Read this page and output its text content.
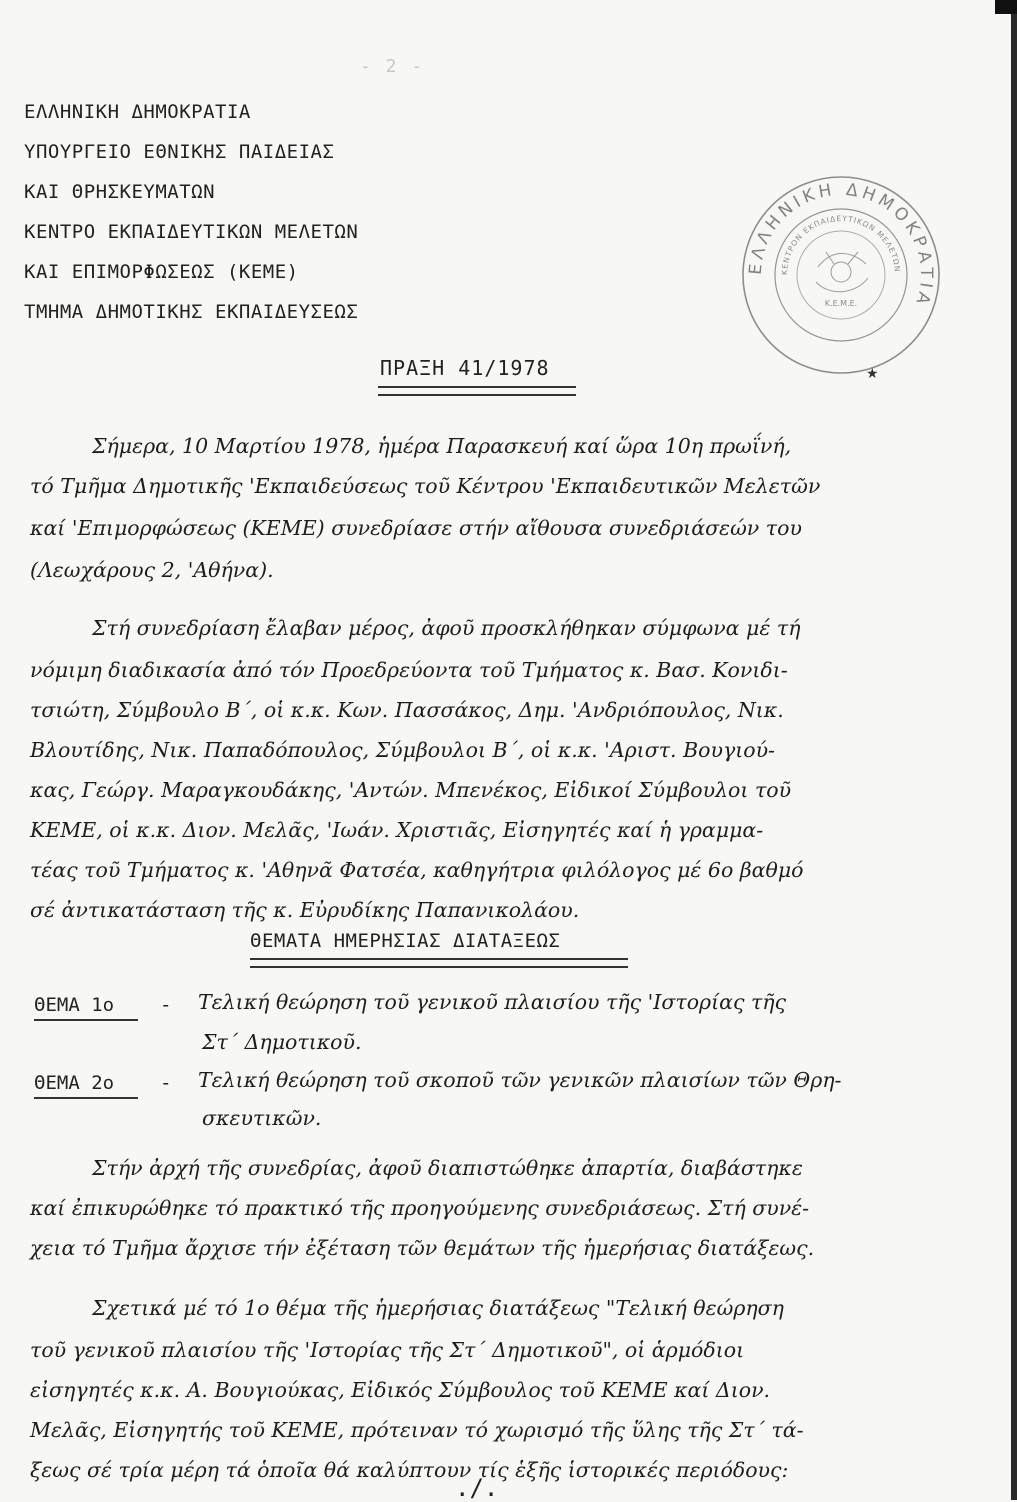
- 2 -
ΕΛΛΗΝΙΚΗ ΔΗΜΟΚΡΑΤΙΑ
ΥΠΟΥΡΓΕΙΟ ΕΘΝΙΚΗΣ ΠΑΙΔΕΙΑΣ
ΚΑΙ ΘΡΗΣΚΕΥΜΑΤΩΝ
ΚΕΝΤΡΟ ΕΚΠΑΙΔΕΥΤΙΚΩΝ ΜΕΛΕΤΩΝ
ΚΑΙ ΕΠΙΜΟΡΦΩΣΕΩΣ (ΚΕΜΕ)
ΤΜΗΜΑ ΔΗΜΟΤΙΚΗΣ ΕΚΠΑΙΔΕΥΣΕΩΣ
ΕΛΛΗΝΙΚΗ ΔΗΜΟΚΡΑΤΙΑ
ΚΕΝΤΡΟΝ ΕΚΠΑΙΔΕΥΤΙΚΩΝ ΜΕΛΕΤΩΝ
Κ.Ε.Μ.Ε.
★
ΠΡΑΞΗ 41/1978
Σήμερα, 10 Μαρτίου 1978, ἡμέρα Παρασκευή καί ὥρα 10η πρωΐνή,
τό Τμῆμα Δημοτικῆς 'Εκπαιδεύσεως τοῦ Κέντρου 'Εκπαιδευτικῶν Μελετῶν
καί 'Επιμορφώσεως (ΚΕΜΕ) συνεδρίασε στήν αἴθουσα συνεδριάσεών του
(Λεωχάρους 2, 'Αθήνα).
Στή συνεδρίαση ἔλαβαν μέρος, ἀφοῦ προσκλήθηκαν σύμφωνα μέ τή
νόμιμη διαδικασία ἀπό τόν Προεδρεύοντα τοῦ Τμήματος κ. Βασ. Κονιδι-
τσιώτη, Σύμβουλο Β΄, οἱ κ.κ. Κων. Πασσάκος, Δημ. 'Ανδριόπουλος, Νικ.
Βλουτίδης, Νικ. Παπαδόπουλος, Σύμβουλοι Β΄, οἱ κ.κ. 'Αριστ. Βουγιού-
κας, Γεώργ. Μαραγκουδάκης, 'Αντών. Μπενέκος, Εἰδικοί Σύμβουλοι τοῦ
ΚΕΜΕ, οἱ κ.κ. Διον. Μελᾶς, 'Ιωάν. Χριστιᾶς, Εἰσηγητές καί ἡ γραμμα-
τέας τοῦ Τμήματος κ. 'Αθηνᾶ Φατσέα, καθηγήτρια φιλόλογος μέ 6ο βαθμό
σέ ἀντικατάσταση τῆς κ. Εὐρυδίκης Παπανικολάου.
Στήν ἀρχή τῆς συνεδρίας, ἀφοῦ διαπιστώθηκε ἀπαρτία, διαβάστηκε
καί ἐπικυρώθηκε τό πρακτικό τῆς προηγούμενης συνεδριάσεως. Στή συνέ-
χεια τό Τμῆμα ἄρχισε τήν ἐξέταση τῶν θεμάτων τῆς ἡμερήσιας διατάξεως.
Σχετικά μέ τό 1ο θέμα τῆς ἡμερήσιας διατάξεως "Τελική θεώρηση
τοῦ γενικοῦ πλαισίου τῆς 'Ιστορίας τῆς Στ΄ Δημοτικοῦ", οἱ ἁρμόδιοι
εἰσηγητές κ.κ. Α. Βουγιούκας, Εἰδικός Σύμβουλος τοῦ ΚΕΜΕ καί Διον.
Μελᾶς, Εἰσηγητής τοῦ ΚΕΜΕ, πρότειναν τό χωρισμό τῆς ὕλης τῆς Στ΄ τά-
ξεως σέ τρία μέρη τά ὁποῖα θά καλύπτουν τίς ἑξῆς ἱστορικές περιόδους:
ΘΕΜΑΤΑ ΗΜΕΡΗΣΙΑΣ ΔΙΑΤΑΞΕΩΣ
ΘΕΜΑ 1ο - Τελική θεώρηση τοῦ γενικοῦ πλαισίου τῆς 'Ιστορίας τῆς
Στ΄ Δημοτικοῦ.
ΘΕΜΑ 2ο - Τελική θεώρηση τοῦ σκοποῦ τῶν γενικῶν πλαισίων τῶν Θρη-
σκευτικῶν.
./.
